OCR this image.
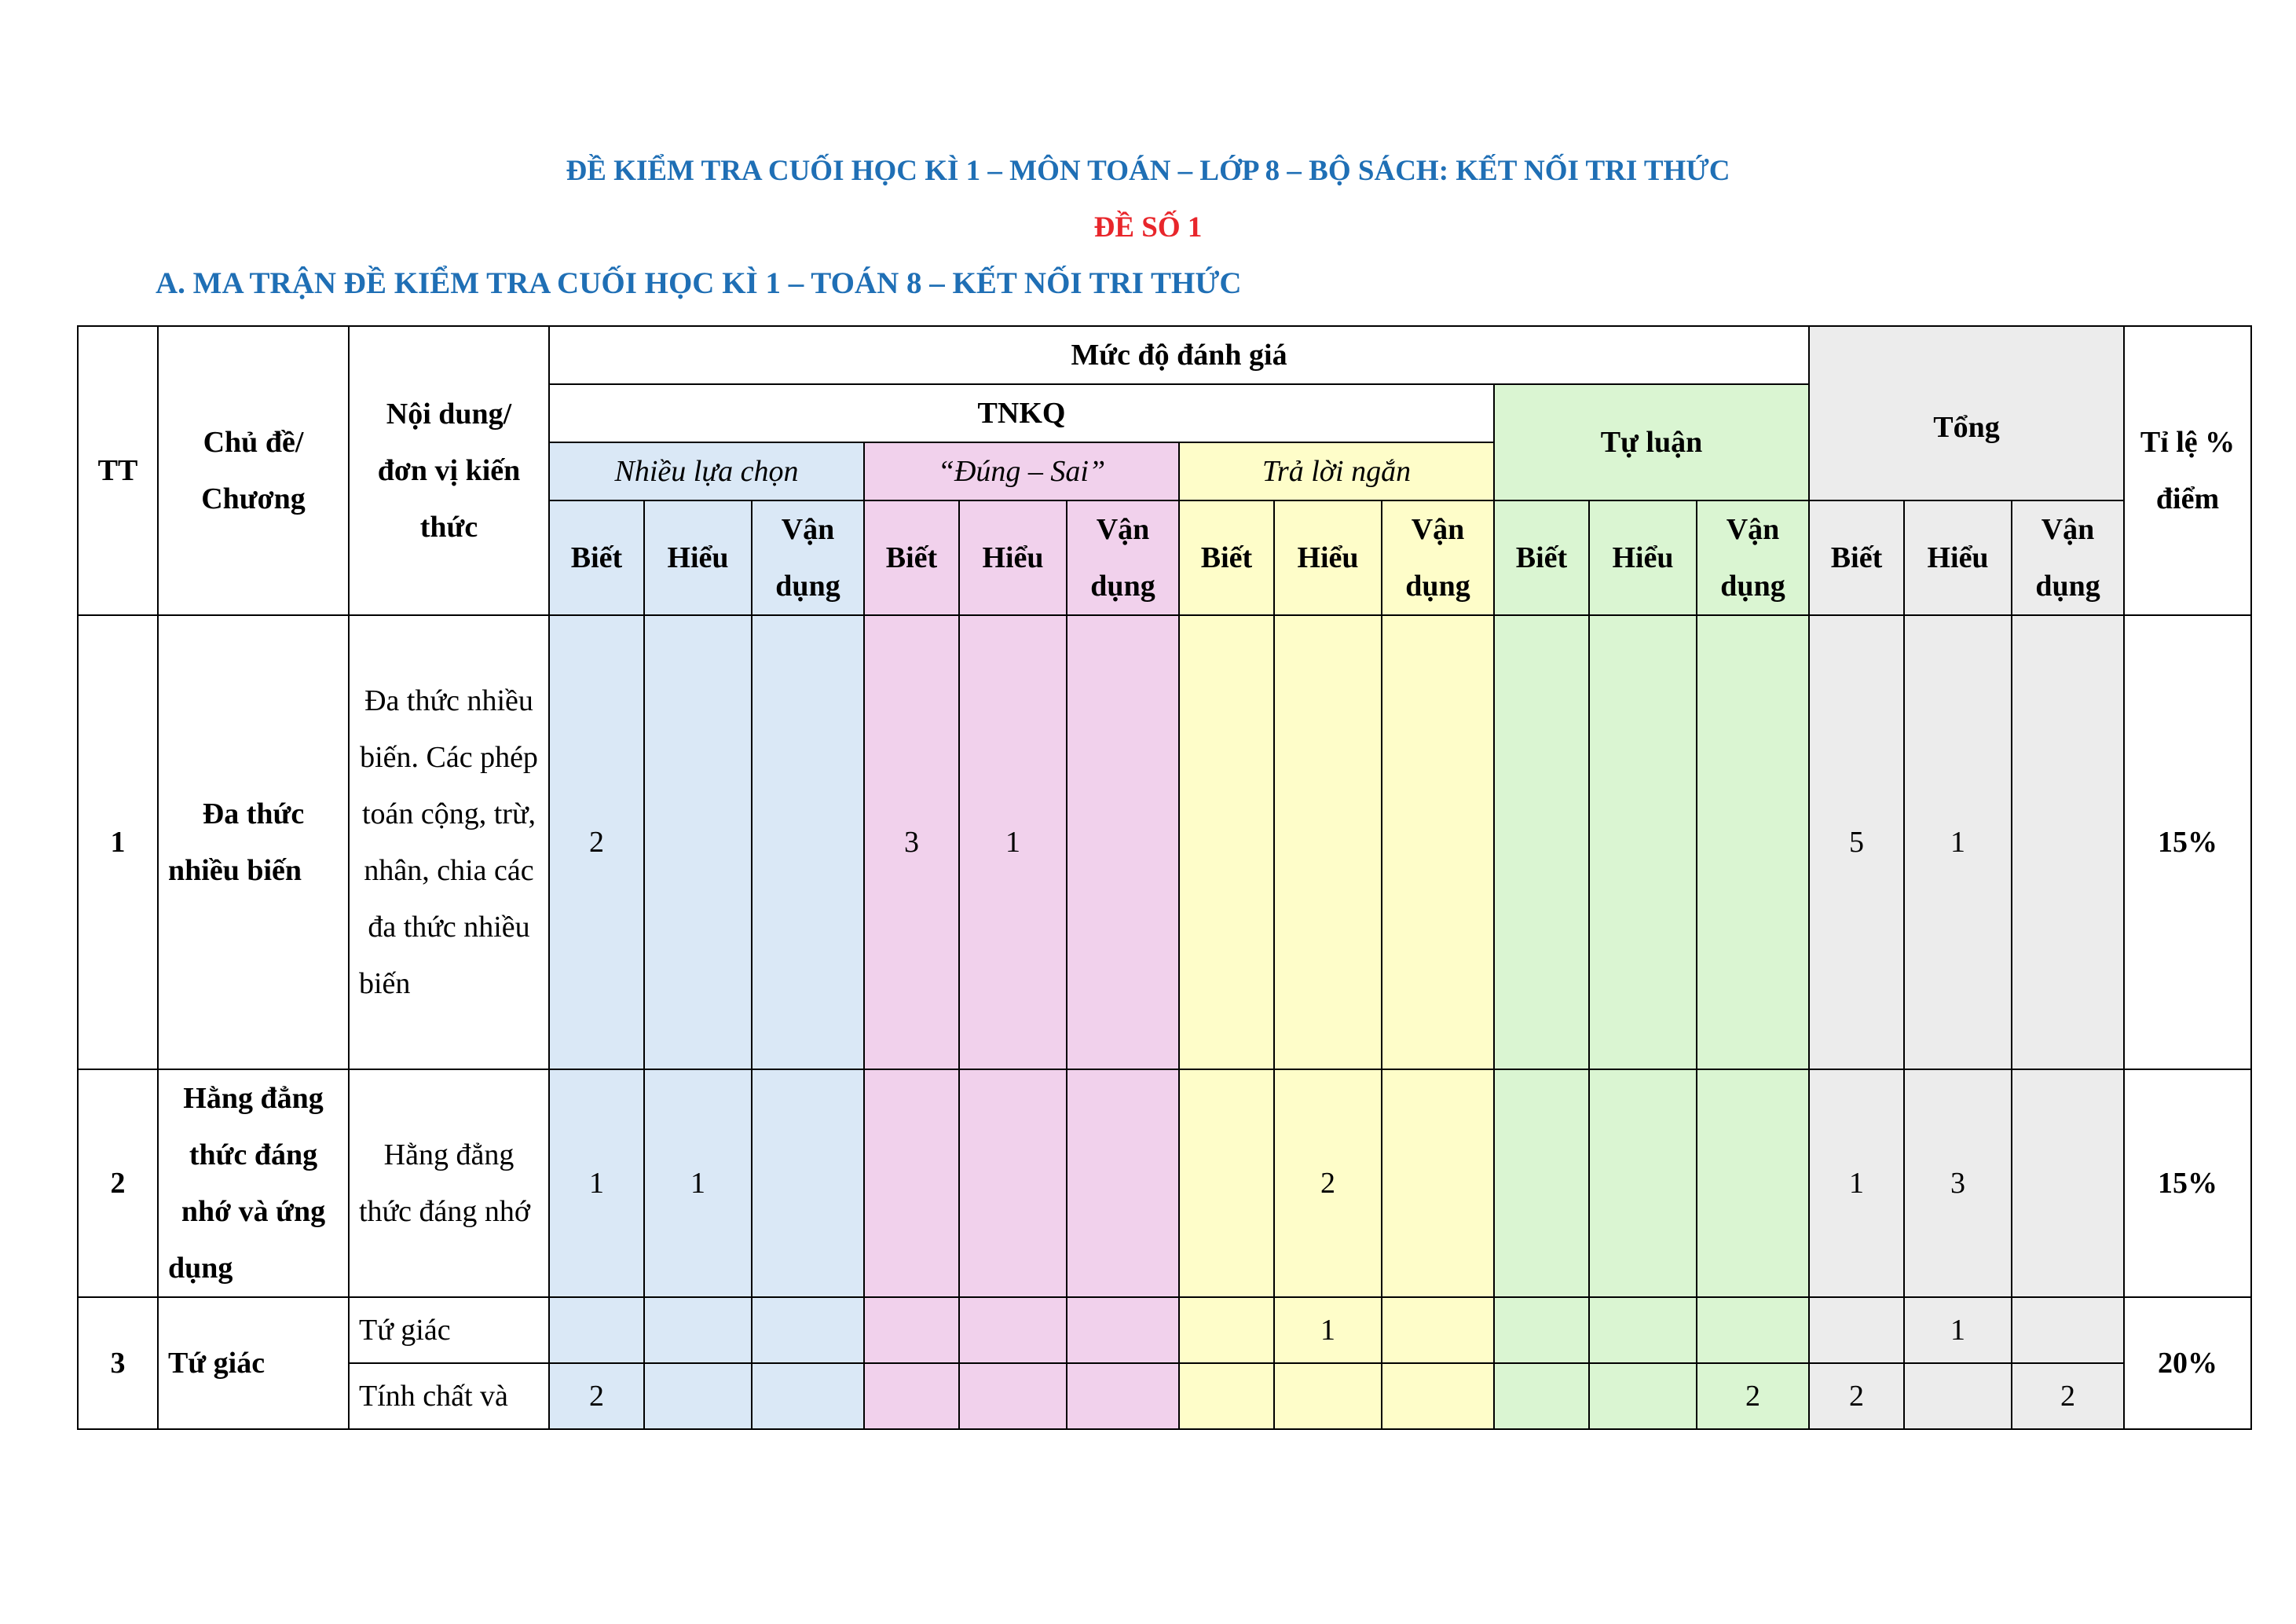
ĐỀ KIỂM TRA CUỐI HỌC KÌ 1 – MÔN TOÁN – LỚP 8 – BỘ SÁCH: KẾT NỐI TRI THỨC
ĐỀ SỐ 1
A. MA TRẬN ĐỀ KIỂM TRA CUỐI HỌC KÌ 1 – TOÁN 8 – KẾT NỐI TRI THỨC
TT	Chủ đề/ Chương	Nội dung/ đơn vị kiến thức	Mức độ đánh giá												Tổng			Tỉ lệ % điểm
			TNKQ									Tự luận						
			Nhiều lựa chọn			“Đúng – Sai”			Trả lời ngắn									
			Biết	Hiểu	Vận dụng	Biết	Hiểu	Vận dụng	Biết	Hiểu	Vận dụng	Biết	Hiểu	Vận dụng	Biết	Hiểu	Vận dụng	
1	Đa thức nhiều biến	Đa thức nhiều biến. Các phép toán cộng, trừ, nhân, chia các đa thức nhiều biến	2			3	1								5	1		15%
2	Hằng đẳng thức đáng nhớ và ứng dụng	Hằng đẳng thức đáng nhớ	1	1						2					1	3		15%
3	Tứ giác	Tứ giác								1						1		20%
		Tính chất và	2											2	2		2	
